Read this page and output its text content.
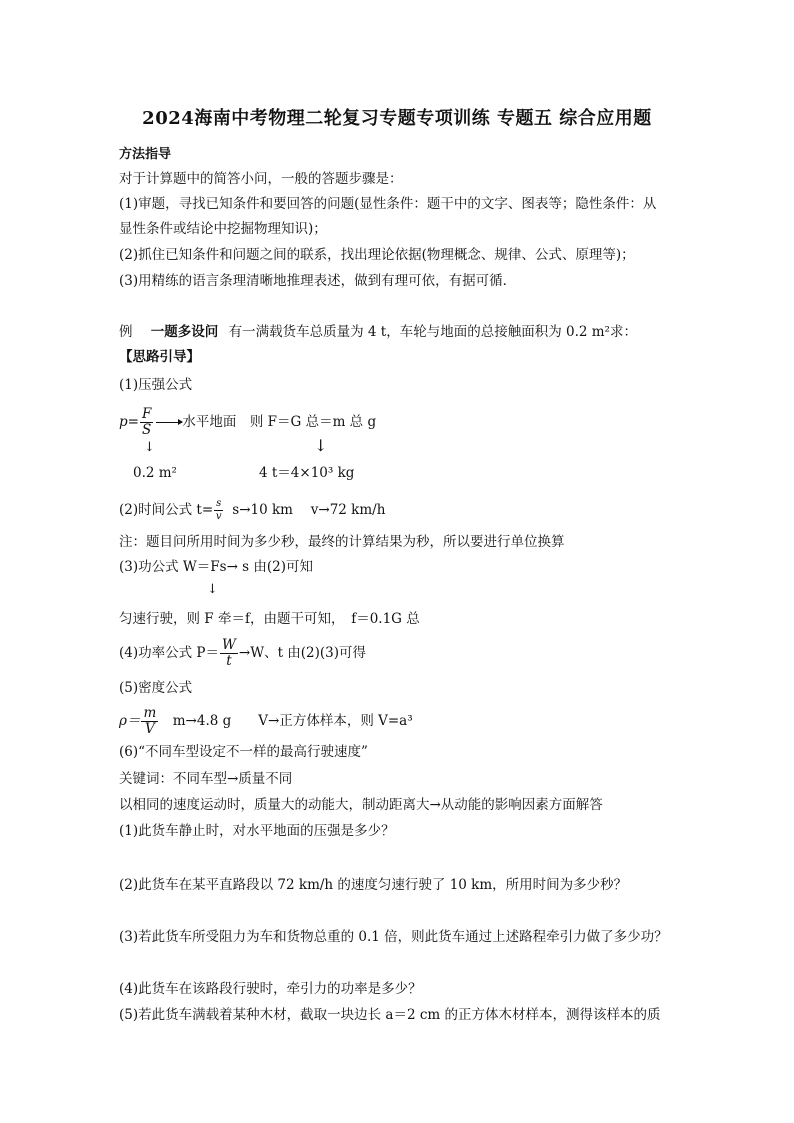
2024海南中考物理二轮复习专题专项训练 专题五 综合应用题
方法指导
对于计算题中的简答小问，一般的答题步骤是：
(1)审题，寻找已知条件和要回答的问题(显性条件：题干中的文字、图表等；隐性条件：从
显性条件或结论中挖掘物理知识)；
(2)抓住已知条件和问题之间的联系，找出理论依据(物理概念、规律、公式、原理等)；
(3)用精练的语言条理清晰地推理表述，做到有理可依，有据可循．
例 一题多设问 有一满载货车总质量为 4 t，车轮与地面的总接触面积为 0.2 m²求：
【思路引导】
(1)压强公式
$p= \frac{F}{S}$ 水平地面　则 F＝G 总＝m 总 g
↓	↓
0.2 m²	4 t＝4×10³ kg
(2)时间公式 $t= \frac{s}{v} s\to 10$ km　 v→72 km/h
注：题目问所用时间为多少秒，最终的计算结果为秒，所以要进行单位换算
(3)功公式 W＝Fs→ s 由(2)可知
↓
匀速行驶，则 F 牵＝f，由题干可知，　f＝0.1G 总
(4)功率公式 $P= \frac{W}{t} \to W$、t 由(2)(3)可得
(5)密度公式
$\rho= \frac{m}{V}$ 　m→4.8 g　　V→正方体样本，则 V=a³
(6)“不同车型设定不一样的最高行驶速度”
关键词：不同车型→质量不同
以相同的速度运动时，质量大的动能大，制动距离大→从动能的影响因素方面解答
(1)此货车静止时，对水平地面的压强是多少？
(2)此货车在某平直路段以 72 km/h 的速度匀速行驶了 10 km，所用时间为多少秒？
(3)若此货车所受阻力为车和货物总重的 0.1 倍，则此货车通过上述路程牵引力做了多少功？
(4)此货车在该路段行驶时，牵引力的功率是多少？
(5)若此货车满载着某种木材，截取一块边长 a＝2 cm 的正方体木材样本，测得该样本的质
